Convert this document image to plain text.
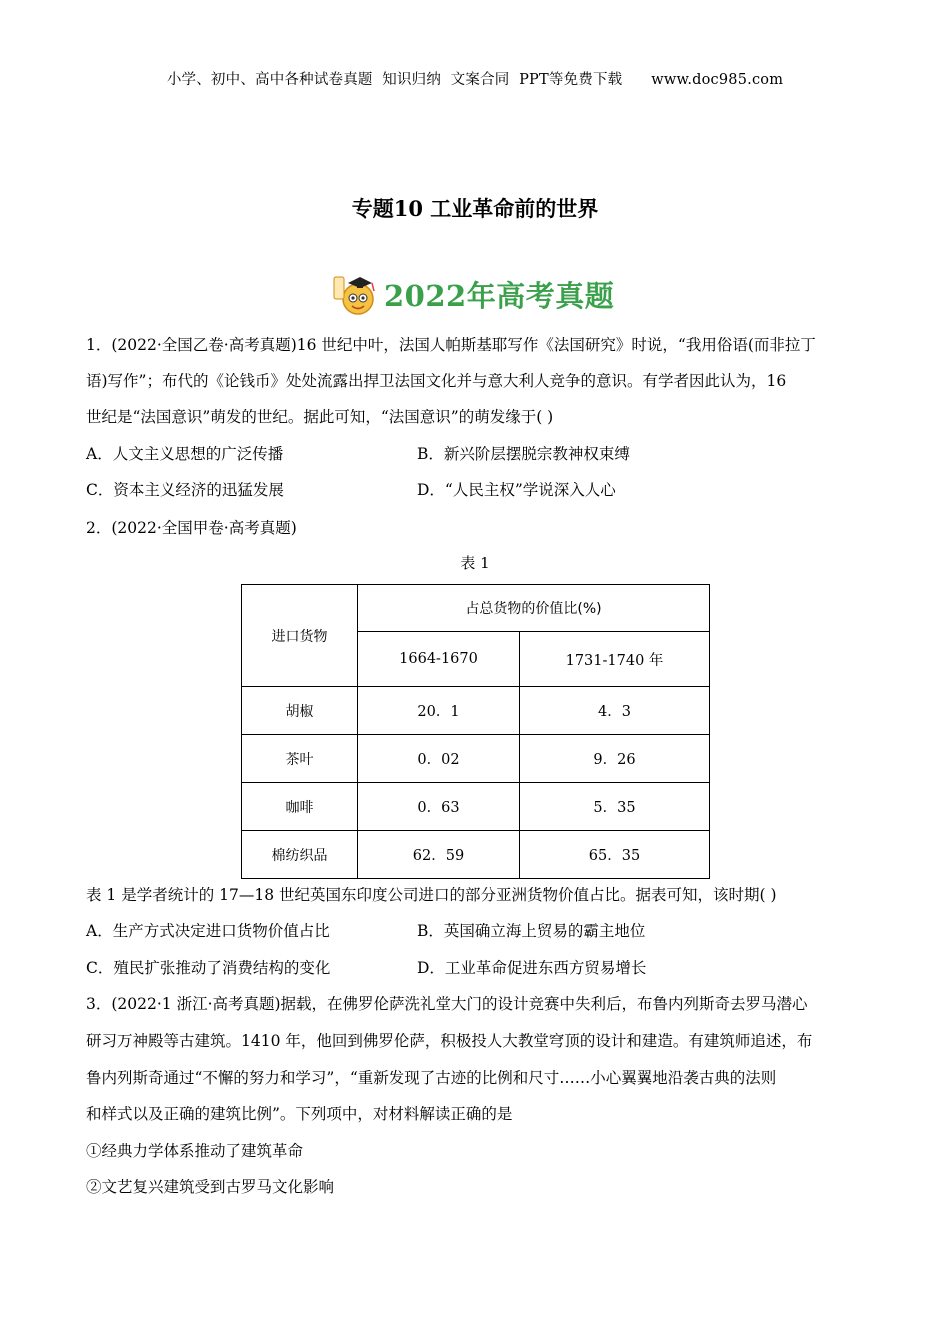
小学、初中、高中各种试卷真题  知识归纳  文案合同  PPT等免费下载      www.doc985.com
专题10 工业革命前的世界
2022年高考真题
1．(2022·全国乙卷·高考真题)16 世纪中叶，法国人帕斯基耶写作《法国研究》时说，“我用俗语(而非拉丁
语)写作”；布代的《论钱币》处处流露出捍卫法国文化并与意大利人竞争的意识。有学者因此认为，16
世纪是“法国意识”萌发的世纪。据此可知，“法国意识”的萌发缘于( )
A．人文主义思想的广泛传播	B．新兴阶层摆脱宗教神权束缚
C．资本主义经济的迅猛发展	D．“人民主权”学说深入人心
2．(2022·全国甲卷·高考真题)
表 1
进口货物	占总货物的价值比(%)	
	1664-1670	1731-1740 年
胡椒	20．1	4．3
茶叶	0．02	9．26
咖啡	0．63	5．35
棉纺织品	62．59	65．35
表 1 是学者统计的 17—18 世纪英国东印度公司进口的部分亚洲货物价值占比。据表可知，该时期( )
A．生产方式决定进口货物价值占比	B．英国确立海上贸易的霸主地位
C．殖民扩张推动了消费结构的变化	D．工业革命促进东西方贸易增长
3．(2022·1 浙江·高考真题)据载，在佛罗伦萨洗礼堂大门的设计竞赛中失利后，布鲁内列斯奇去罗马潜心
研习万神殿等古建筑。1410 年，他回到佛罗伦萨，积极投人大教堂穹顶的设计和建造。有建筑师追述，布
鲁内列斯奇通过“不懈的努力和学习”，“重新发现了古迹的比例和尺寸……小心翼翼地沿袭古典的法则
和样式以及正确的建筑比例”。下列项中，对材料解读正确的是
①经典力学体系推动了建筑革命
②文艺复兴建筑受到古罗马文化影响
